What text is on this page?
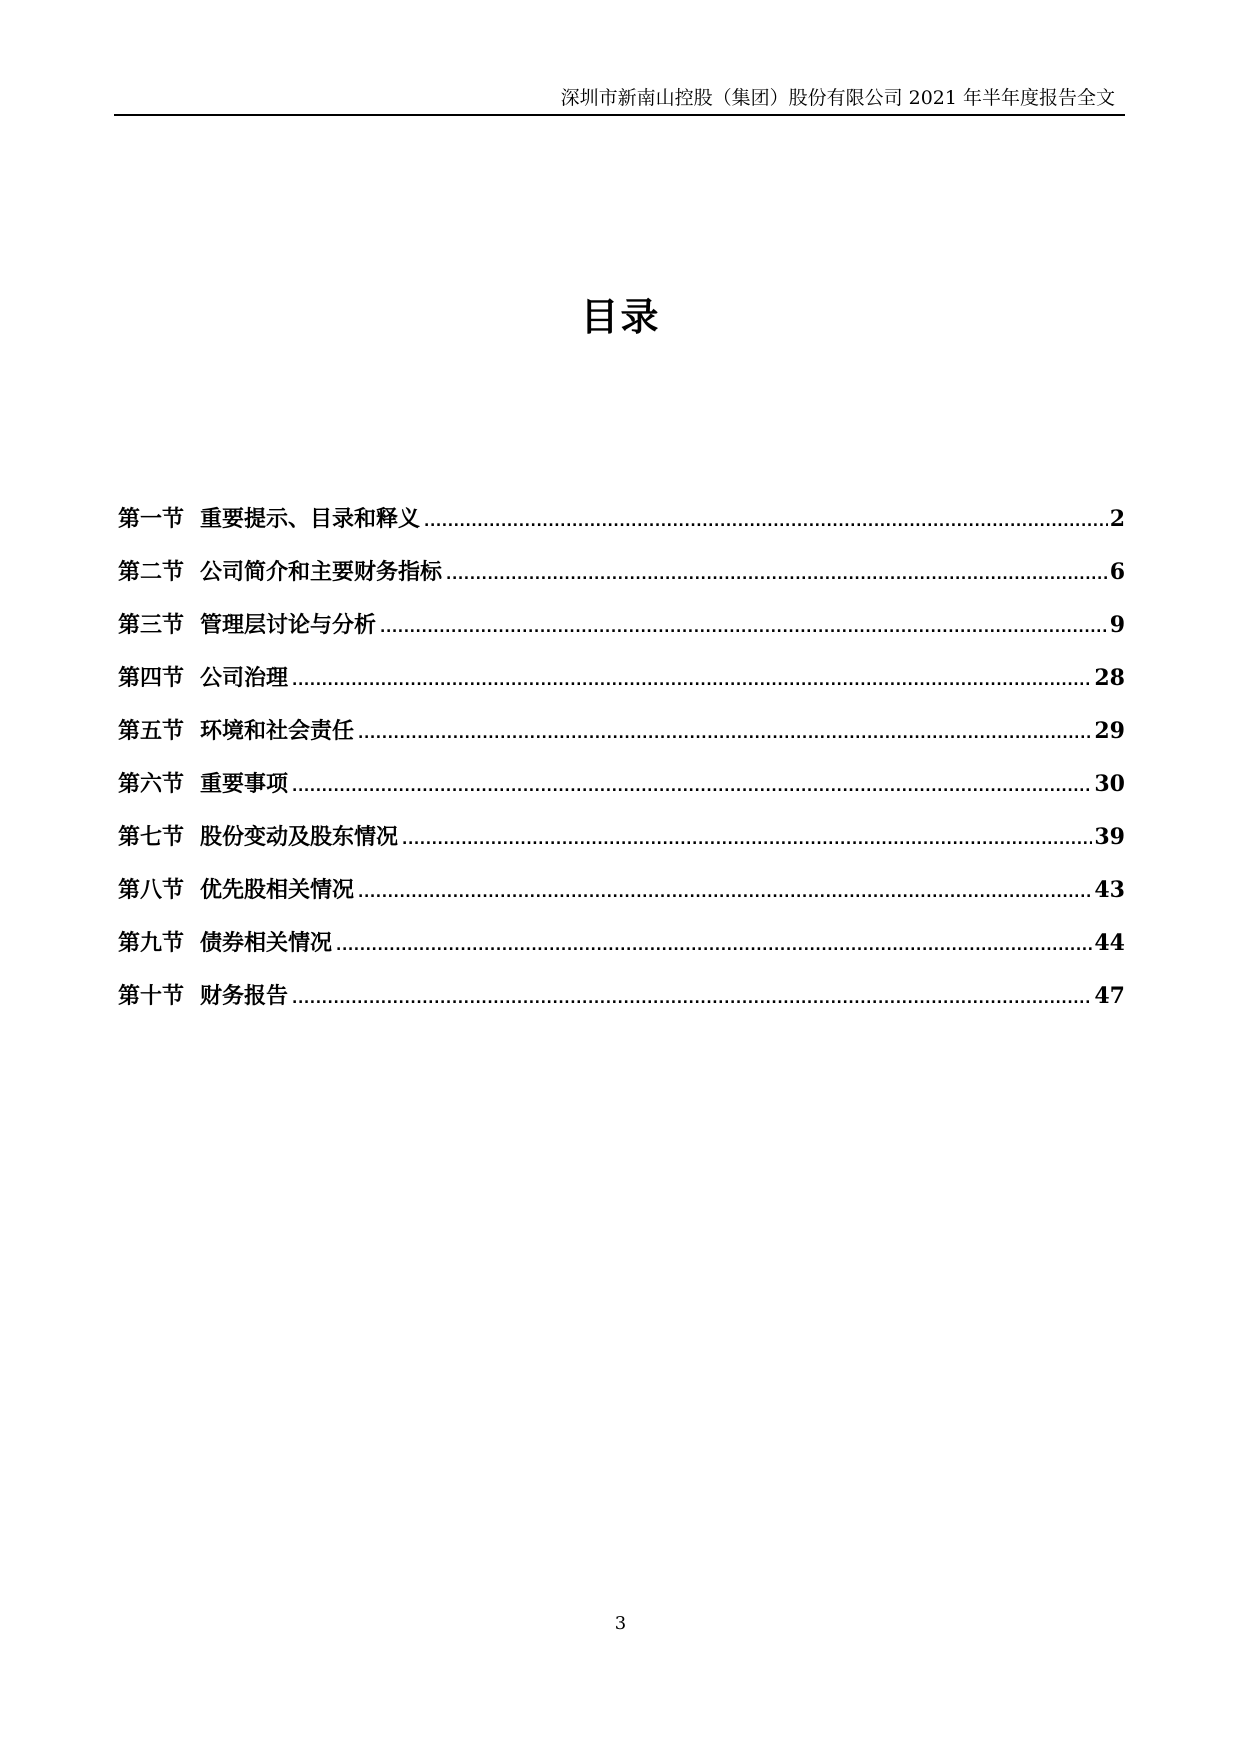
深圳市新南山控股（集团）股份有限公司 2021 年半年度报告全文
目录
第一节 重要提示、目录和释义 .....	2
第二节 公司简介和主要财务指标 .....	6
第三节 管理层讨论与分析 .....	9
第四节 公司治理 .....	28
第五节 环境和社会责任 .....	29
第六节 重要事项 .....	30
第七节 股份变动及股东情况 .....	39
第八节 优先股相关情况 .....	43
第九节 债券相关情况 .....	44
第十节 财务报告 .....	47
3
